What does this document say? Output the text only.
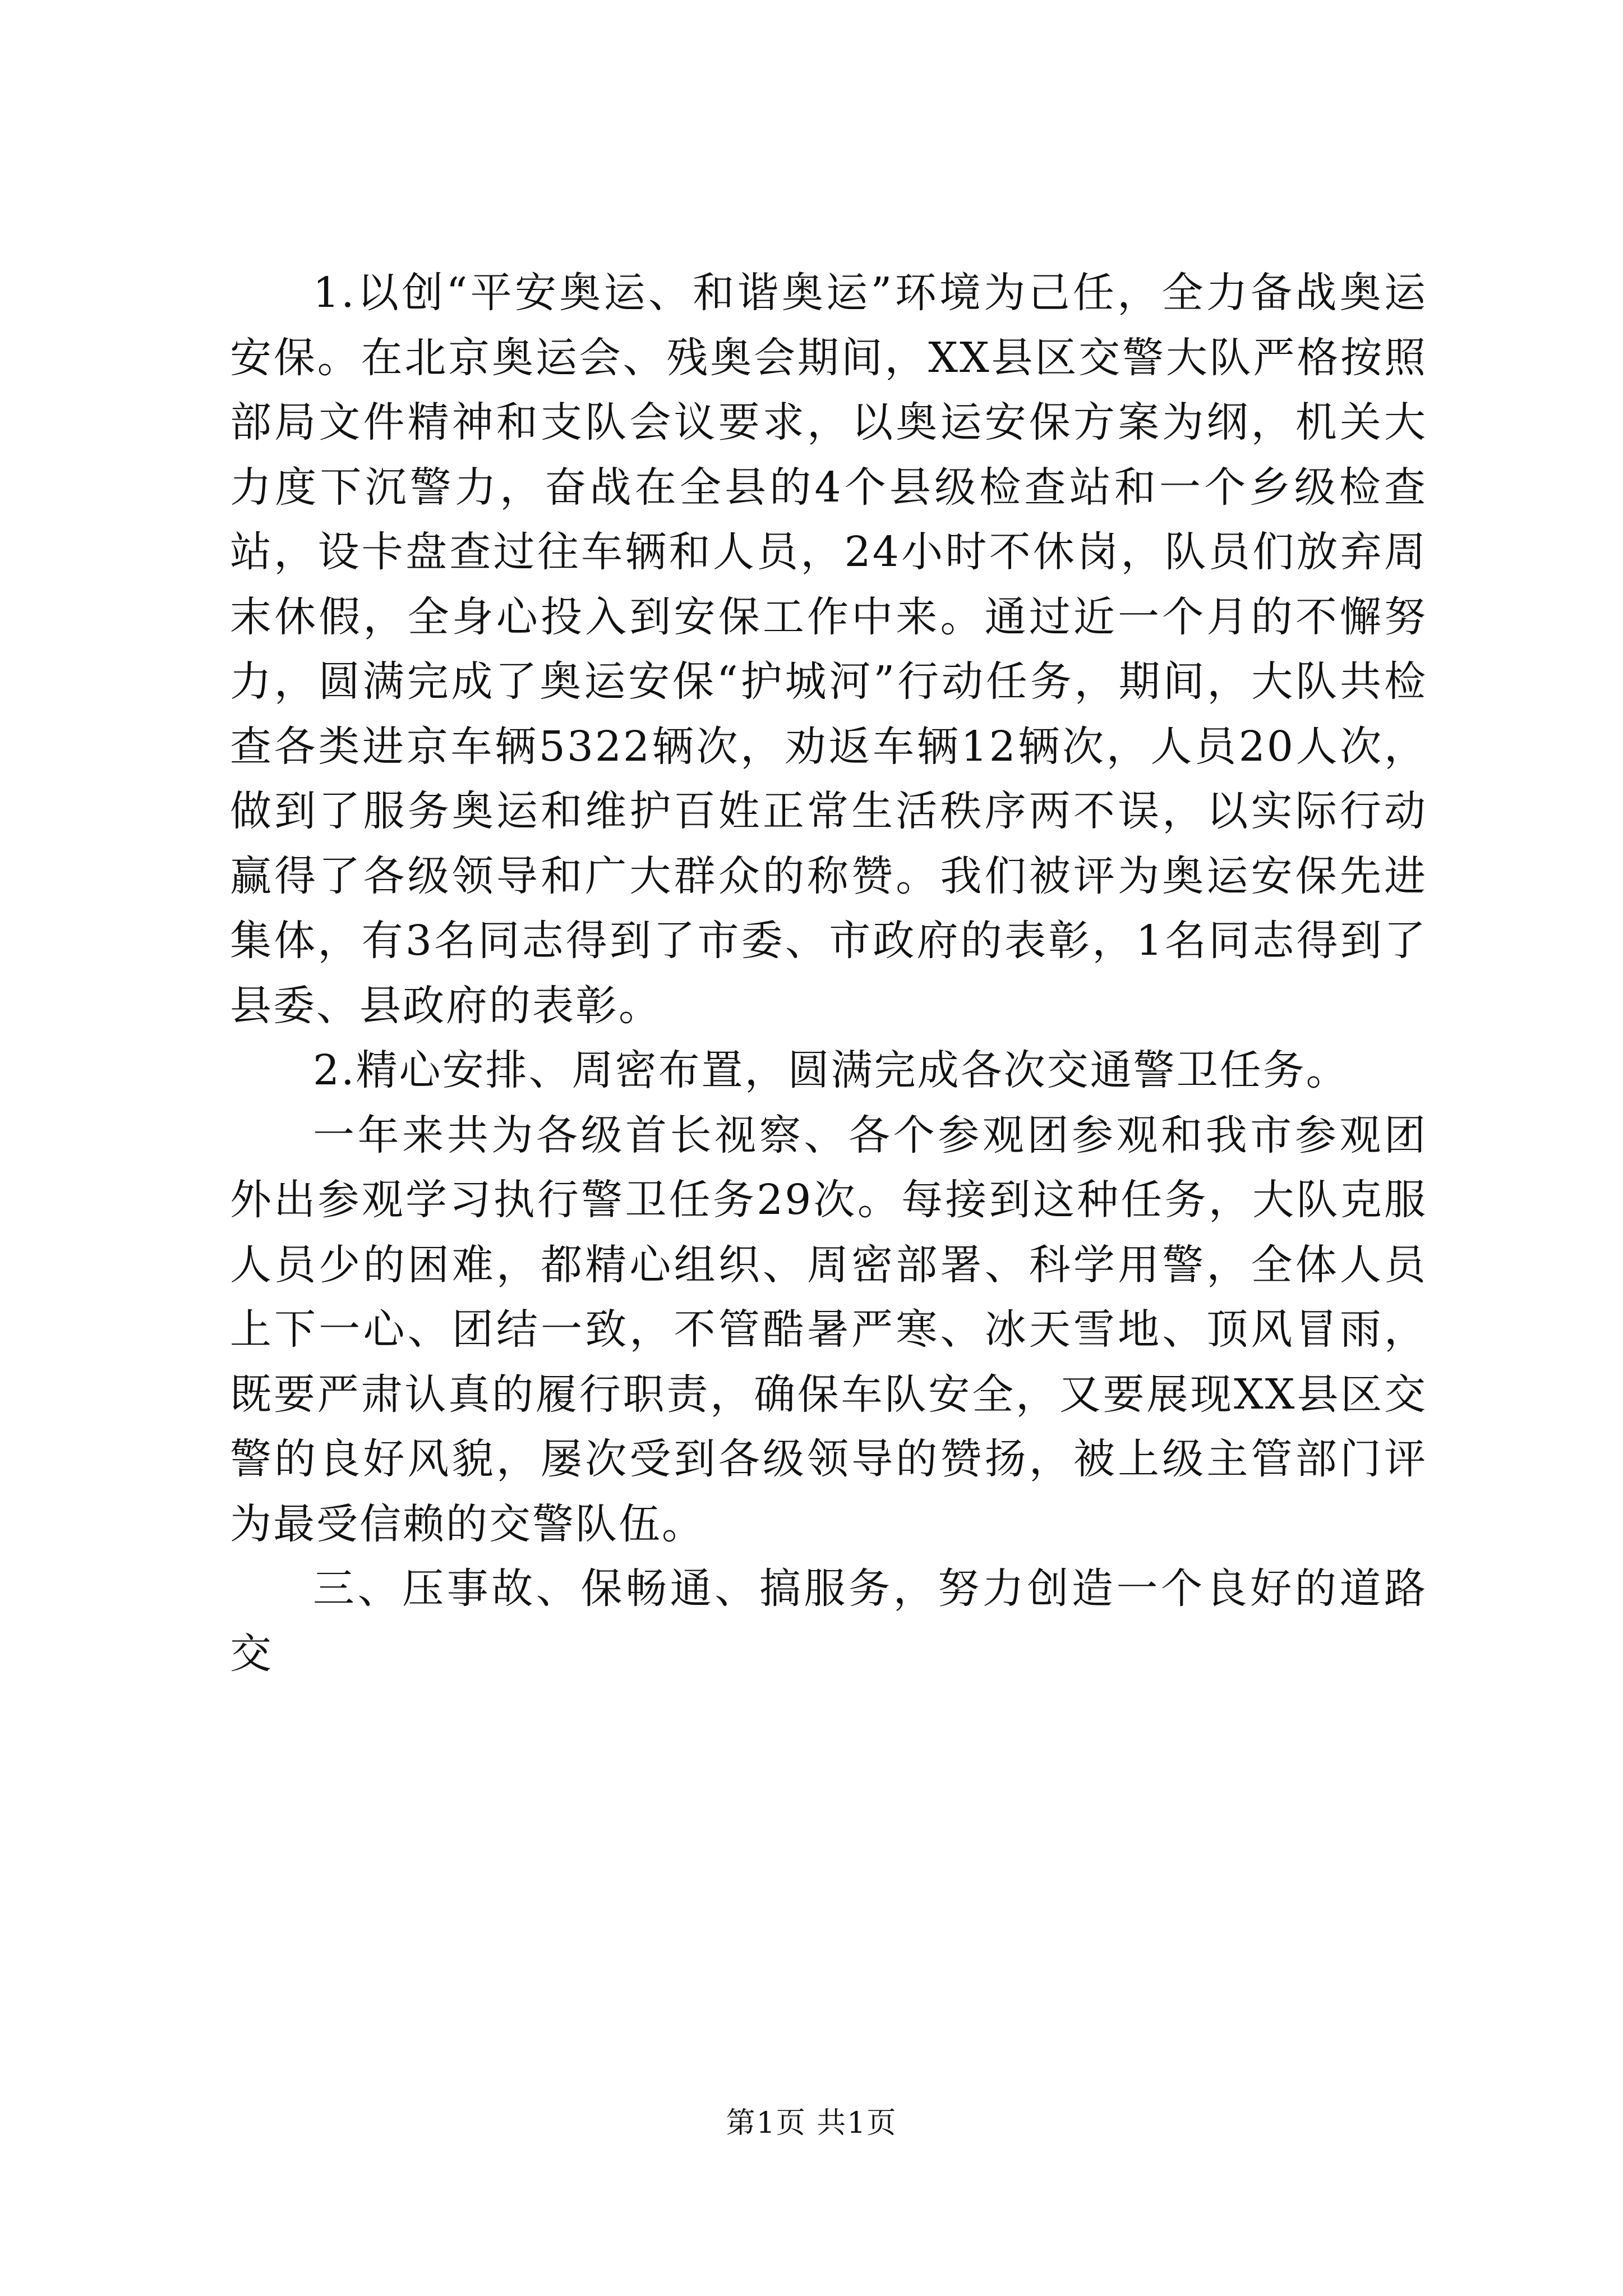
1.以创“平安奥运、和谐奥运”环境为己任，全力备战奥运安保。在北京奥运会、残奥会期间，XX县区交警大队严格按照部局文件精神和支队会议要求，以奥运安保方案为纲，机关大力度下沉警力，奋战在全县的4个县级检查站和一个乡级检查站，设卡盘查过往车辆和人员，24小时不休岗，队员们放弃周末休假，全身心投入到安保工作中来。通过近一个月的不懈努力，圆满完成了奥运安保“护城河”行动任务，期间，大队共检查各类进京车辆5322辆次，劝返车辆12辆次，人员20人次，做到了服务奥运和维护百姓正常生活秩序两不误，以实际行动赢得了各级领导和广大群众的称赞。我们被评为奥运安保先进集体，有3名同志得到了市委、市政府的表彰，1名同志得到了县委、县政府的表彰。

2.精心安排、周密布置，圆满完成各次交通警卫任务。

一年来共为各级首长视察、各个参观团参观和我市参观团外出参观学习执行警卫任务29次。每接到这种任务，大队克服人员少的困难，都精心组织、周密部署、科学用警，全体人员上下一心、团结一致，不管酷暑严寒、冰天雪地、顶风冒雨，既要严肃认真的履行职责，确保车队安全，又要展现XX县区交警的良好风貌，屡次受到各级领导的赞扬，被上级主管部门评为最受信赖的交警队伍。

三、压事故、保畅通、搞服务，努力创造一个良好的道路交

第1页 共1页
